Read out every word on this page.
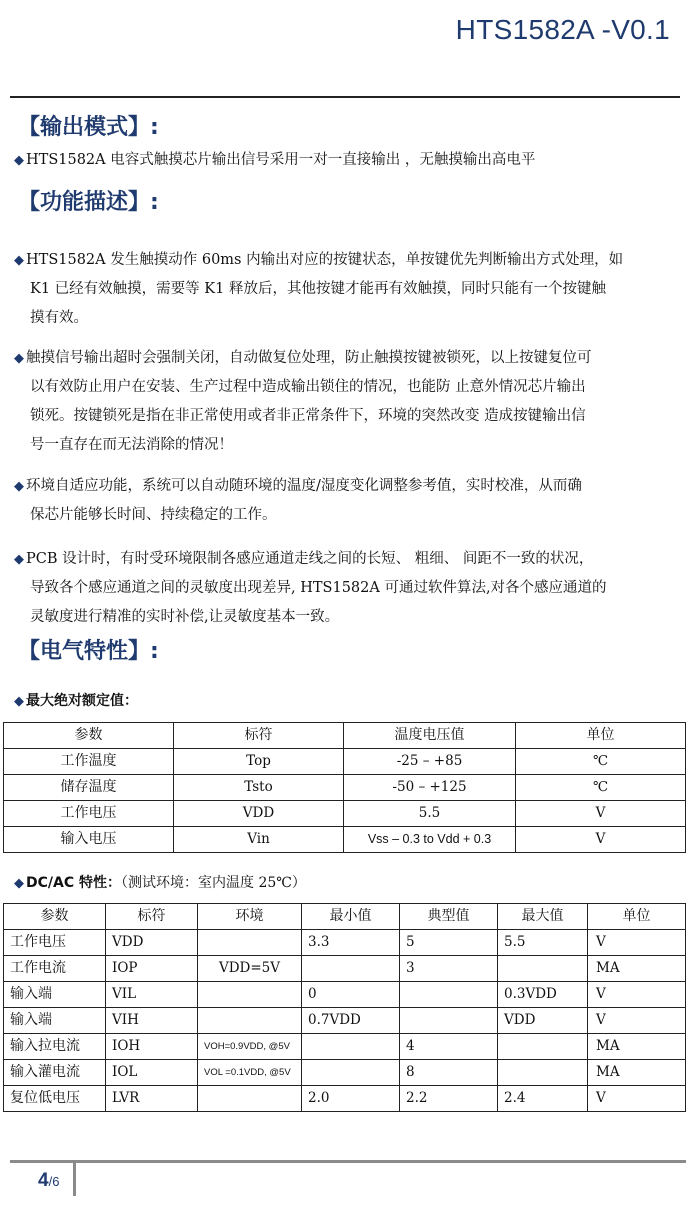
HTS1582A -V0.1
【输出模式】:
◆ HTS1582A 电容式触摸芯片输出信号采用一对一直接输出 ，无触摸输出高电平
【功能描述】:
◆ HTS1582A 发生触摸动作 60ms 内输出对应的按键状态，单按键优先判断输出方式处理，如
K1 已经有效触摸，需要等 K1 释放后，其他按键才能再有效触摸，同时只能有一个按键触
摸有效。
◆ 触摸信号输出超时会强制关闭，自动做复位处理，防止触摸按键被锁死，以上按键复位可
以有效防止用户在安装、生产过程中造成输出锁住的情况，也能防 止意外情况芯片输出
锁死。按键锁死是指在非正常使用或者非正常条件下，环境的突然改变 造成按键输出信
号一直存在而无法消除的情况！
◆ 环境自适应功能，系统可以自动随环境的温度/湿度变化调整参考值，实时校准，从而确
保芯片能够长时间、持续稳定的工作。
◆ PCB 设计时，有时受环境限制各感应通道走线之间的长短、 粗细、 间距不一致的状况，
导致各个感应通道之间的灵敏度出现差异, HTS1582A 可通过软件算法,对各个感应通道的
灵敏度进行精准的实时补偿,让灵敏度基本一致。
【电气特性】:
◆ 最大绝对额定值：
参数	标符	温度电压值	单位
工作温度	Top	-25 – +85	℃
储存温度	Tsto	-50 – +125	℃
工作电压	VDD	5.5	V
输入电压	Vin	Vss – 0.3 to Vdd + 0.3	V
◆ DC/AC 特性：（测试环境：室内温度 25℃）
参数	标符	环境	最小值	典型值	最大值	单位
工作电压	VDD		3.3	5	5.5	V
工作电流	IOP	VDD=5V		3		MA
输入端	VIL		0		0.3VDD	V
输入端	VIH		0.7VDD		VDD	V
输入拉电流	IOH	VOH=0.9VDD, @5V		4		MA
输入灌电流	IOL	VOL =0.1VDD, @5V		8		MA
复位低电压	LVR		2.0	2.2	2.4	V
4/6
